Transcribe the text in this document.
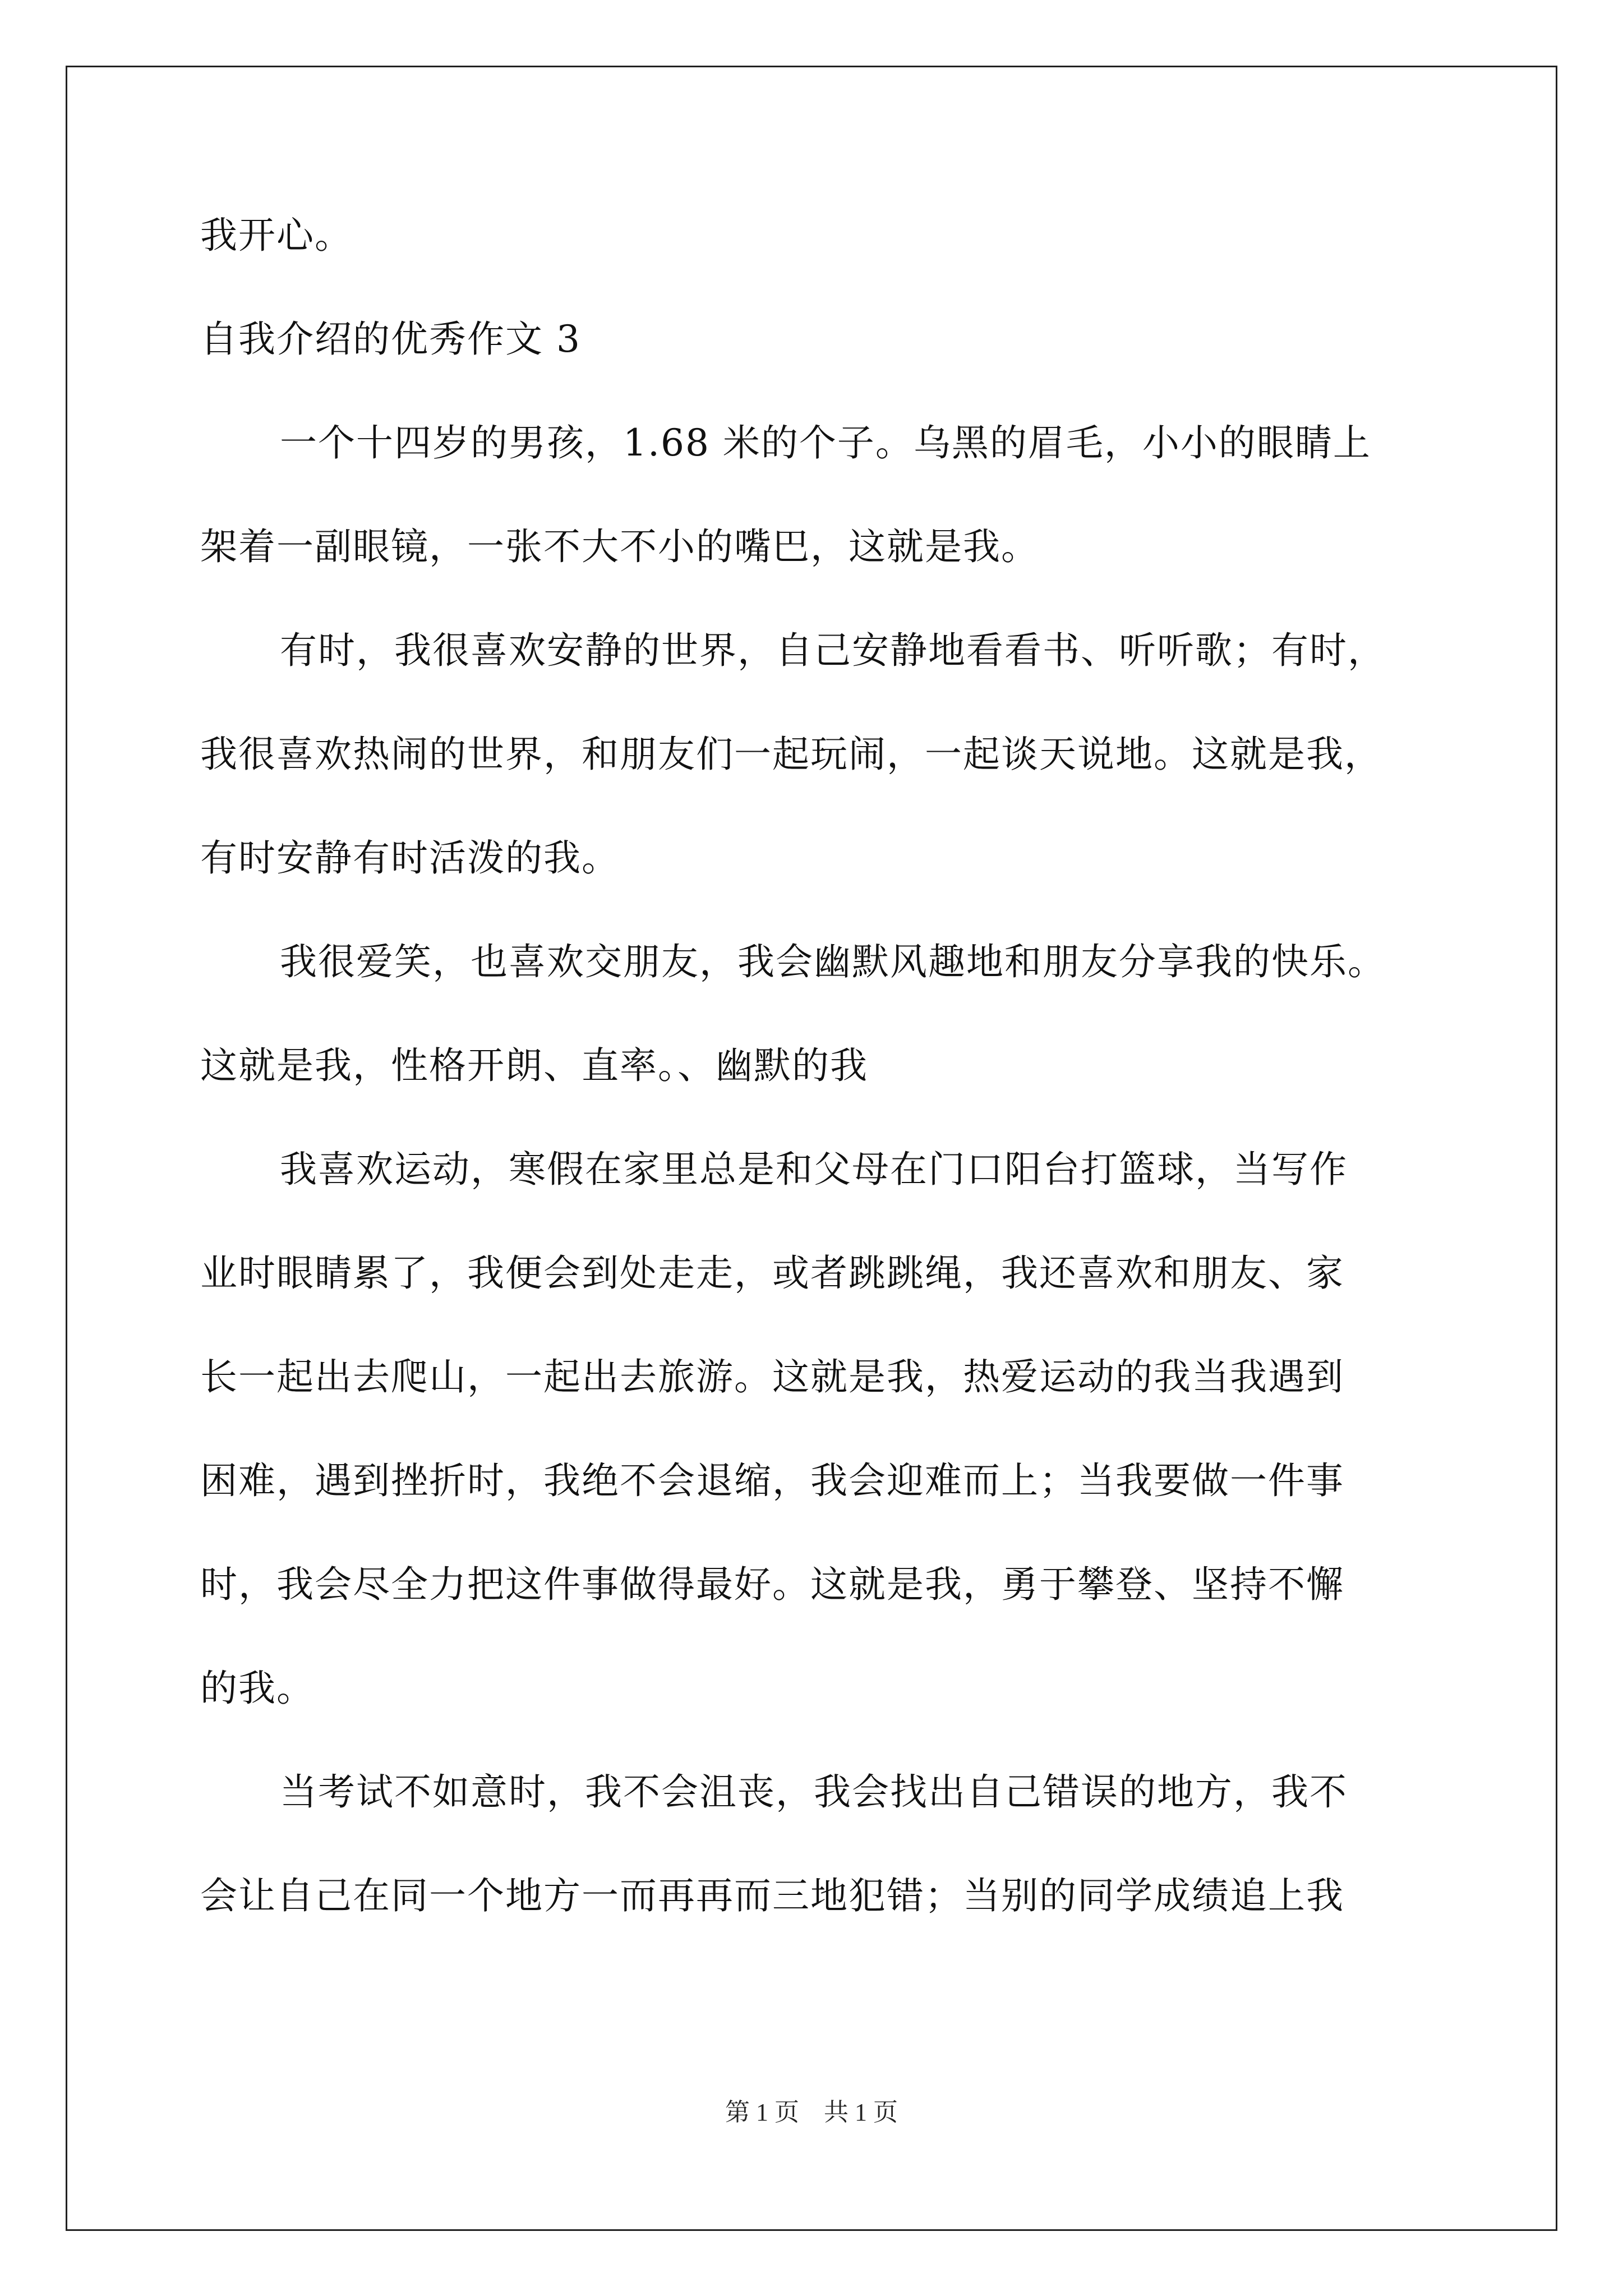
我开心。
自我介绍的优秀作文 3
一个十四岁的男孩，1.68 米的个子。乌黑的眉毛，小小的眼睛上
架着一副眼镜，一张不大不小的嘴巴，这就是我。
有时，我很喜欢安静的世界，自己安静地看看书、听听歌；有时，
我很喜欢热闹的世界，和朋友们一起玩闹，一起谈天说地。这就是我，
有时安静有时活泼的我。
我很爱笑，也喜欢交朋友，我会幽默风趣地和朋友分享我的快乐。
这就是我，性格开朗、直率。、幽默的我
我喜欢运动，寒假在家里总是和父母在门口阳台打篮球，当写作
业时眼睛累了，我便会到处走走，或者跳跳绳，我还喜欢和朋友、家
长一起出去爬山，一起出去旅游。这就是我，热爱运动的我当我遇到
困难，遇到挫折时，我绝不会退缩，我会迎难而上；当我要做一件事
时，我会尽全力把这件事做得最好。这就是我，勇于攀登、坚持不懈
的我。
当考试不如意时，我不会沮丧，我会找出自己错误的地方，我不
会让自己在同一个地方一而再再而三地犯错；当别的同学成绩追上我
第 1 页　共 1 页
